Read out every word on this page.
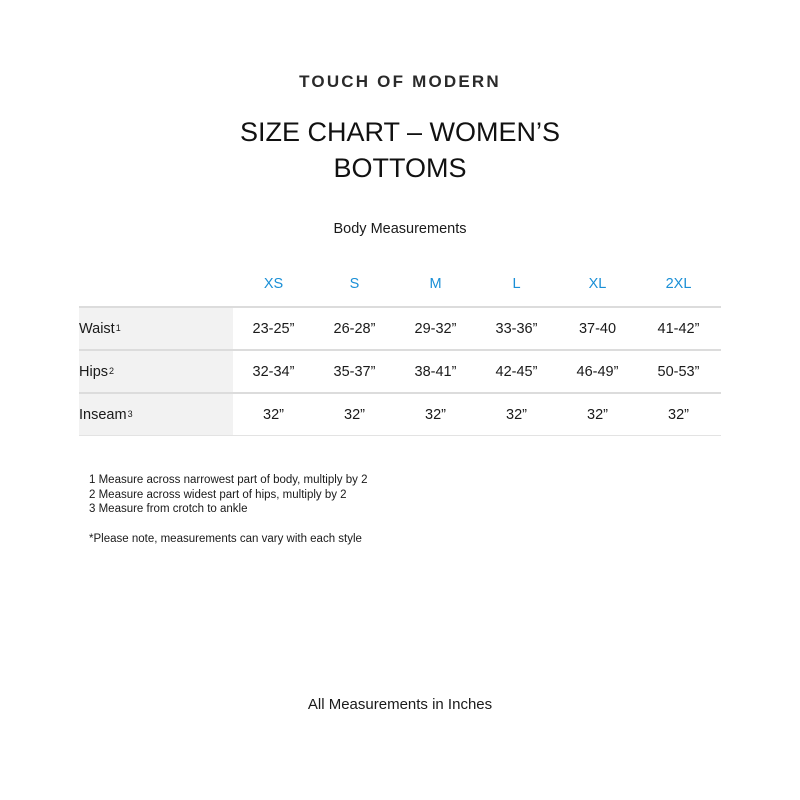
TOUCH OF MODERN
SIZE CHART – WOMEN’S
BOTTOMS
Body Measurements
XS	S	M	L	XL	2XL
Waist$^1$	23-25”	26-28”	29-32”	33-36”	37-40	41-42”
Hips$^2$	32-34”	35-37”	38-41”	42-45”	46-49”	50-53”
Inseam$^3$	32”	32”	32”	32”	32”	32”
1 Measure across narrowest part of body, multiply by 2
2 Measure across widest part of hips, multiply by 2
3 Measure from crotch to ankle
*Please note, measurements can vary with each style
All Measurements in Inches
